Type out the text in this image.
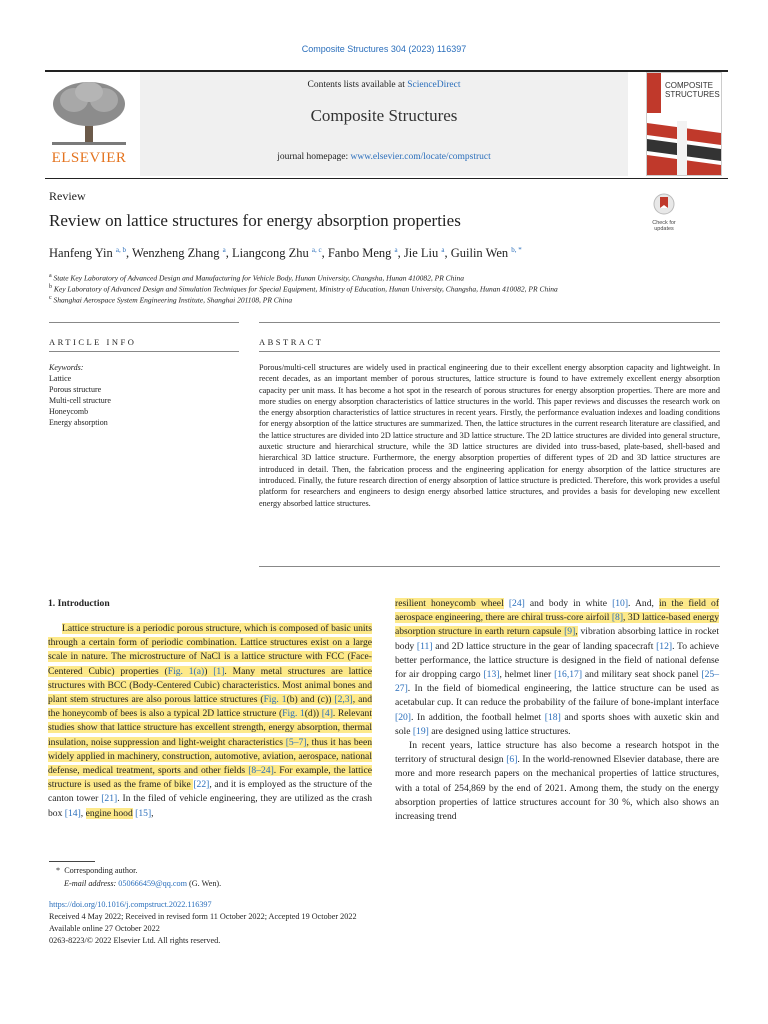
Composite Structures 304 (2023) 116397
Contents lists available at ScienceDirect
Composite Structures
journal homepage: www.elsevier.com/locate/compstruct
ELSEVIER
COMPOSITE
STRUCTURES
Review
Review on lattice structures for energy absorption properties	Check for
updates
Hanfeng Yin $^{a, b}$, Wenzheng Zhang $^a$, Liangcong Zhu $^{a, c}$, Fanbo Meng $^a$, Jie Liu $^a$, Guilin Wen $^{b, *}$
$^a$ State Key Laboratory of Advanced Design and Manufacturing for Vehicle Body, Hunan University, Changsha, Hunan 410082, PR China
$^b$ Key Laboratory of Advanced Design and Simulation Techniques for Special Equipment, Ministry of Education, Hunan University, Changsha, Hunan 410082, PR China
$^c$ Shanghai Aerospace System Engineering Institute, Shanghai 201108, PR China
ARTICLE INFO	ABSTRACT
Keywords:
Lattice
Porous structure
Multi-cell structure
Honeycomb
Energy absorption

Porous/multi-cell structures are widely used in practical engineering due to their excellent energy absorption capacity and lightweight. In recent decades, as an important member of porous structures, lattice structure is found to have extremely excellent energy absorption capacity per unit mass. It has become a hot spot in the research of porous structures for energy absorption properties. There are more and more studies on energy absorption characteristics of lattice structures in the world. This paper reviews and discusses the research work on the energy absorption characteristics of lattice structures in recent years. Firstly, the performance evaluation indexes and loading conditions for energy absorption of the lattice structures are summarized. Then, the lattice structures in the current research literature are classified, and the lattice structures are divided into 2D lattice structure and 3D lattice structure. The 2D lattice structures are divided into general structure, auxetic structure and hierarchical structure, while the 3D lattice structures are divided into truss-based, plate-based, shell-based and hierarchical 3D lattice structure. Furthermore, the energy absorption properties of different types of 2D and 3D lattice structures are introduced in detail. Then, the fabrication process and the engineering application for energy absorption of the lattice structures are introduced. Finally, the future research direction of energy absorption of lattice structure is predicted. Therefore, this work provides a useful platform for researchers and engineers to design energy absorbed lattice structures, and provides a basis for developing new excellent energy absorbed lattice structures.

1. Introduction

Lattice structure is a periodic porous structure, which is composed of basic units through a certain form of periodic combination. Lattice structures exist on a large scale in nature. The microstructure of NaCl is a lattice structure with FCC (Face-Centered Cubic) properties (Fig. 1(a)) [1]. Many metal structures are lattice structures with BCC (Body-Centered Cubic) characteristics. Most animal bones and plant stem structures are also porous lattice structures (Fig. 1(b) and (c)) [2,3], and the honeycomb of bees is also a typical 2D lattice structure (Fig. 1(d)) [4]. Relevant studies show that lattice structure has excellent strength, energy absorption, thermal insulation, noise suppression and light-weight characteristics [5–7], thus it has been widely applied in machinery, construction, automotive, aviation, aerospace, national defense, medical treatment, sports and other fields [8–24]. For example, the lattice structure is used as the frame of bike [22], and it is employed as the structure of the canton tower [21]. In the filed of vehicle engineering, they are utilized as the crash box [14], engine hood [15],

resilient honeycomb wheel [24] and body in white [10]. And, in the field of aerospace engineering, there are chiral truss-core airfoil [8], 3D lattice-based energy absorption structure in earth return capsule [9], vibration absorbing lattice in rocket body [11] and 2D lattice structure in the gear of landing spacecraft [12]. To achieve better performance, the lattice structure is designed in the field of national defense for air dropping cargo [13], helmet liner [16,17] and military seat shock panel [25–27]. In the field of biomedical engineering, the lattice structure can be used as acetabular cup. It can reduce the probability of the failure of bone-implant interface [20]. In addition, the football helmet [18] and sports shoes with auxetic skin and sole [19] are designed using lattice structures.

In recent years, lattice structure has also become a research hotspot in the territory of structural design [6]. In the world-renowned Elsevier database, there are more and more research papers on the mechanical properties of lattice structures, with a total of 254,869 by the end of 2021. Among them, the study on the energy absorption properties of lattice structures account for 30 %, which also shows an increasing trend

*  Corresponding author.
E-mail address: 050666459@qq.com (G. Wen).
https://doi.org/10.1016/j.compstruct.2022.116397
Received 4 May 2022; Received in revised form 11 October 2022; Accepted 19 October 2022
Available online 27 October 2022
0263-8223/© 2022 Elsevier Ltd. All rights reserved.
